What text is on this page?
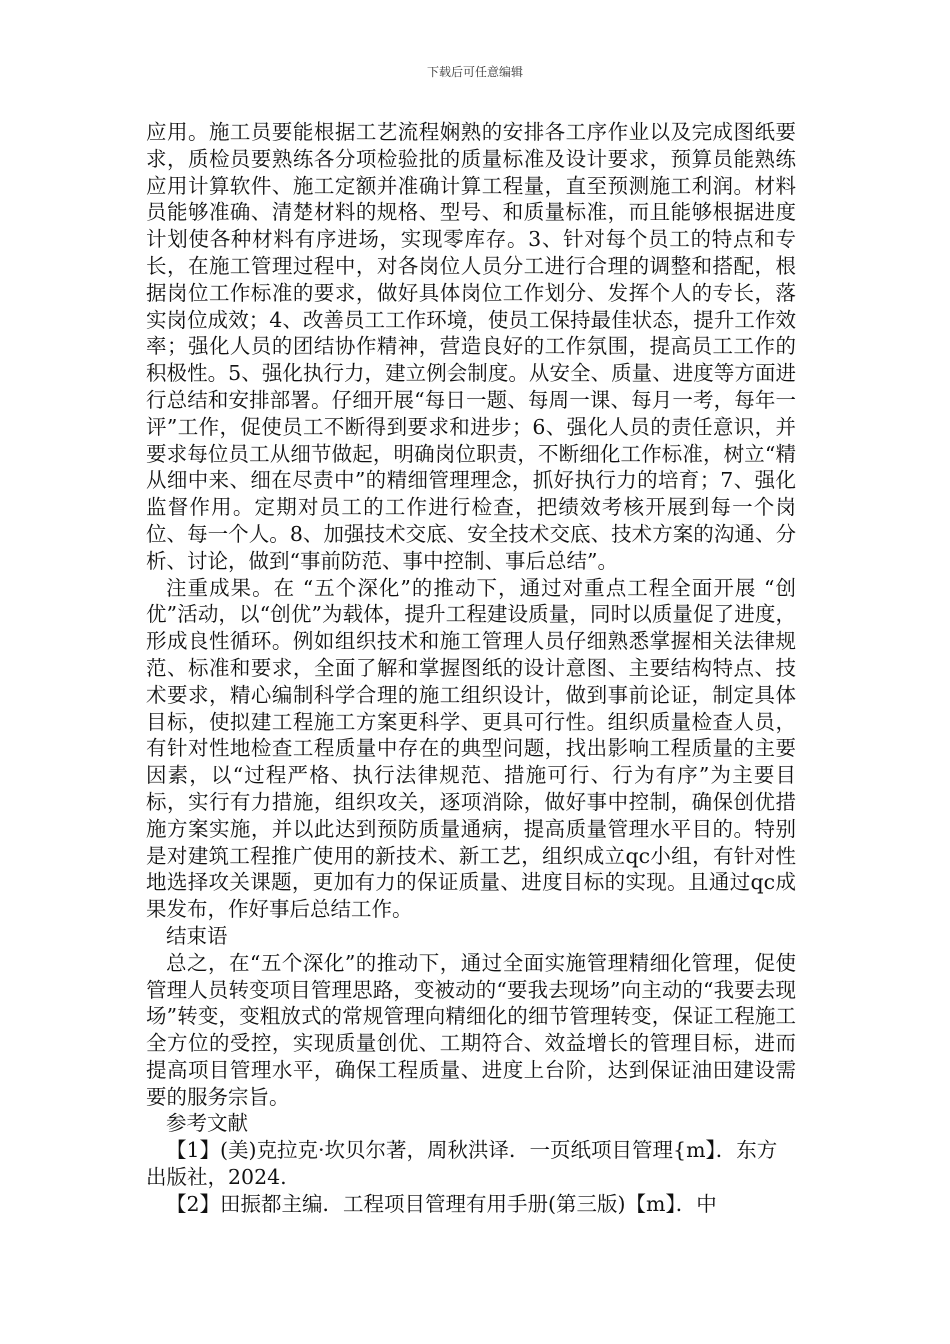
下载后可任意编辑

应用。施工员要能根据工艺流程娴熟的安排各工序作业以及完成图纸要求，质检员要熟练各分项检验批的质量标准及设计要求，预算员能熟练应用计算软件、施工定额并准确计算工程量，直至预测施工利润。材料员能够准确、清楚材料的规格、型号、和质量标准，而且能够根据进度计划使各种材料有序进场，实现零库存。3、针对每个员工的特点和专长，在施工管理过程中，对各岗位人员分工进行合理的调整和搭配，根据岗位工作标准的要求，做好具体岗位工作划分、发挥个人的专长，落实岗位成效；4、改善员工工作环境，使员工保持最佳状态，提升工作效率；强化人员的团结协作精神，营造良好的工作氛围，提高员工工作的积极性。5、强化执行力，建立例会制度。从安全、质量、进度等方面进行总结和安排部署。仔细开展“每日一题、每周一课、每月一考，每年一评”工作，促使员工不断得到要求和进步；6、强化人员的责任意识，并要求每位员工从细节做起，明确岗位职责，不断细化工作标准，树立“精从细中来、细在尽责中”的精细管理理念，抓好执行力的培育；7、强化监督作用。定期对员工的工作进行检查，把绩效考核开展到每一个岗位、每一个人。8、加强技术交底、安全技术交底、技术方案的沟通、分析、讨论，做到“事前防范、事中控制、事后总结”。

注重成果。在 “五个深化”的推动下，通过对重点工程全面开展 “创优”活动，以“创优”为载体，提升工程建设质量，同时以质量促了进度，形成良性循环。例如组织技术和施工管理人员仔细熟悉掌握相关法律规范、标准和要求，全面了解和掌握图纸的设计意图、主要结构特点、技术要求，精心编制科学合理的施工组织设计，做到事前论证，制定具体目标，使拟建工程施工方案更科学、更具可行性。组织质量检查人员，有针对性地检查工程质量中存在的典型问题，找出影响工程质量的主要因素，以“过程严格、执行法律规范、措施可行、行为有序”为主要目标，实行有力措施，组织攻关，逐项消除，做好事中控制，确保创优措施方案实施，并以此达到预防质量通病，提高质量管理水平目的。特别是对建筑工程推广使用的新技术、新工艺，组织成立qc小组，有针对性地选择攻关课题，更加有力的保证质量、进度目标的实现。且通过qc成果发布，作好事后总结工作。

结束语

总之，在“五个深化”的推动下，通过全面实施管理精细化管理，促使管理人员转变项目管理思路，变被动的“要我去现场”向主动的“我要去现场”转变，变粗放式的常规管理向精细化的细节管理转变，保证工程施工全方位的受控，实现质量创优、工期符合、效益增长的管理目标，进而提高项目管理水平，确保工程质量、进度上台阶，达到保证油田建设需要的服务宗旨。

参考文献

【1】(美)克拉克·坎贝尔著，周秋洪译．一页纸项目管理{m】．东方出版社，2024.

【2】田振都主编．工程项目管理有用手册(第三版)【m】．中
